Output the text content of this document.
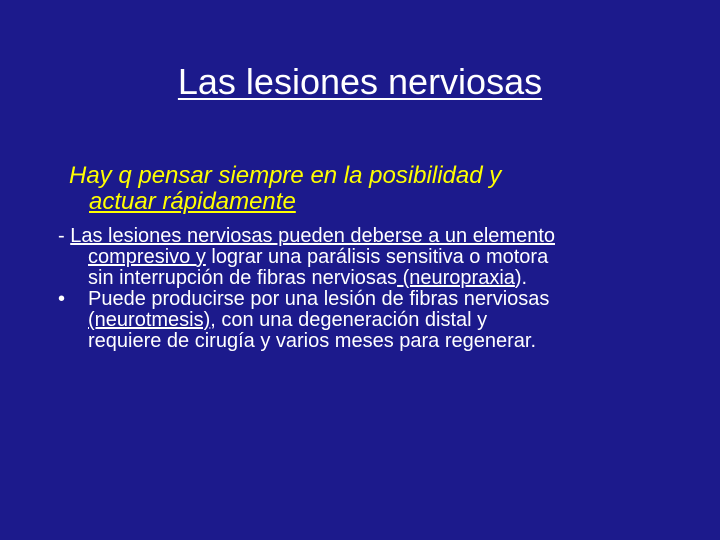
Las lesiones nerviosas
Hay q pensar siempre en la posibilidad y
actuar rápidamente
- Las lesiones nerviosas pueden deberse a un elemento
compresivo y lograr una parálisis sensitiva o motora
sin interrupción de fibras nerviosas (neuropraxia).
• Puede producirse por una lesión de fibras nerviosas
(neurotmesis), con una degeneración distal y
requiere de cirugía y varios meses para regenerar.
